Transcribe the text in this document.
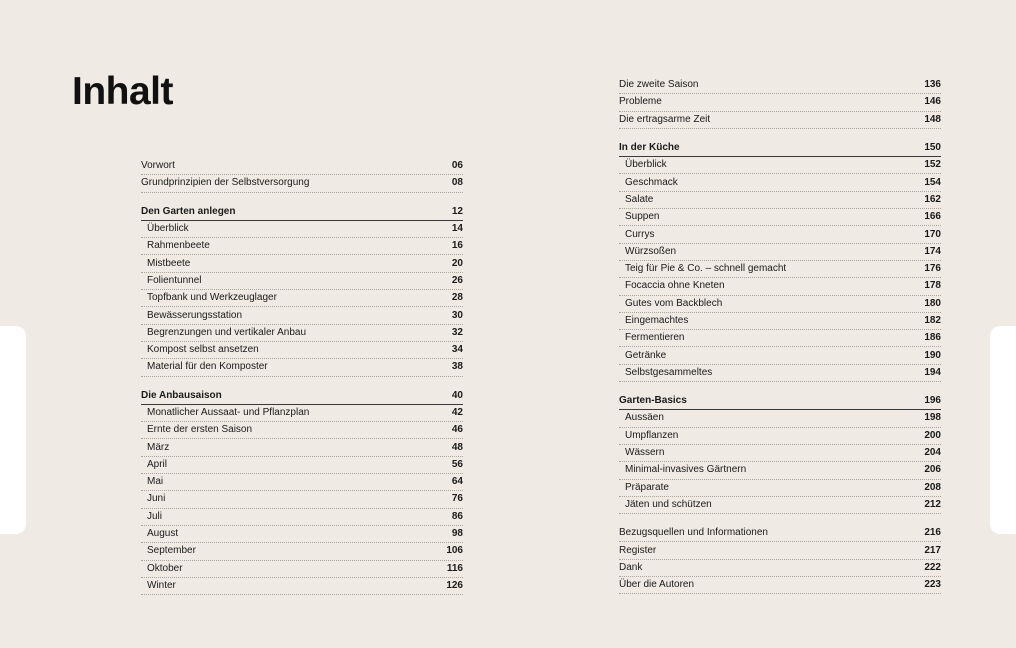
Inhalt
Vorwort	06
Grundprinzipien der Selbstversorgung	08
Den Garten anlegen	12
Überblick	14
Rahmenbeete	16
Mistbeete	20
Folientunnel	26
Topfbank und Werkzeuglager	28
Bewässerungsstation	30
Begrenzungen und vertikaler Anbau	32
Kompost selbst ansetzen	34
Material für den Komposter	38
Die Anbausaison	40
Monatlicher Aussaat- und Pflanzplan	42
Ernte der ersten Saison	46
März	48
April	56
Mai	64
Juni	76
Juli	86
August	98
September	106
Oktober	116
Winter	126
Die zweite Saison	136
Probleme	146
Die ertragsarme Zeit	148
In der Küche	150
Überblick	152
Geschmack	154
Salate	162
Suppen	166
Currys	170
Würzsoßen	174
Teig für Pie & Co. – schnell gemacht	176
Focaccia ohne Kneten	178
Gutes vom Backblech	180
Eingemachtes	182
Fermentieren	186
Getränke	190
Selbstgesammeltes	194
Garten-Basics	196
Aussäen	198
Umpflanzen	200
Wässern	204
Minimal-invasives Gärtnern	206
Präparate	208
Jäten und schützen	212
Bezugsquellen und Informationen	216
Register	217
Dank	222
Über die Autoren	223
